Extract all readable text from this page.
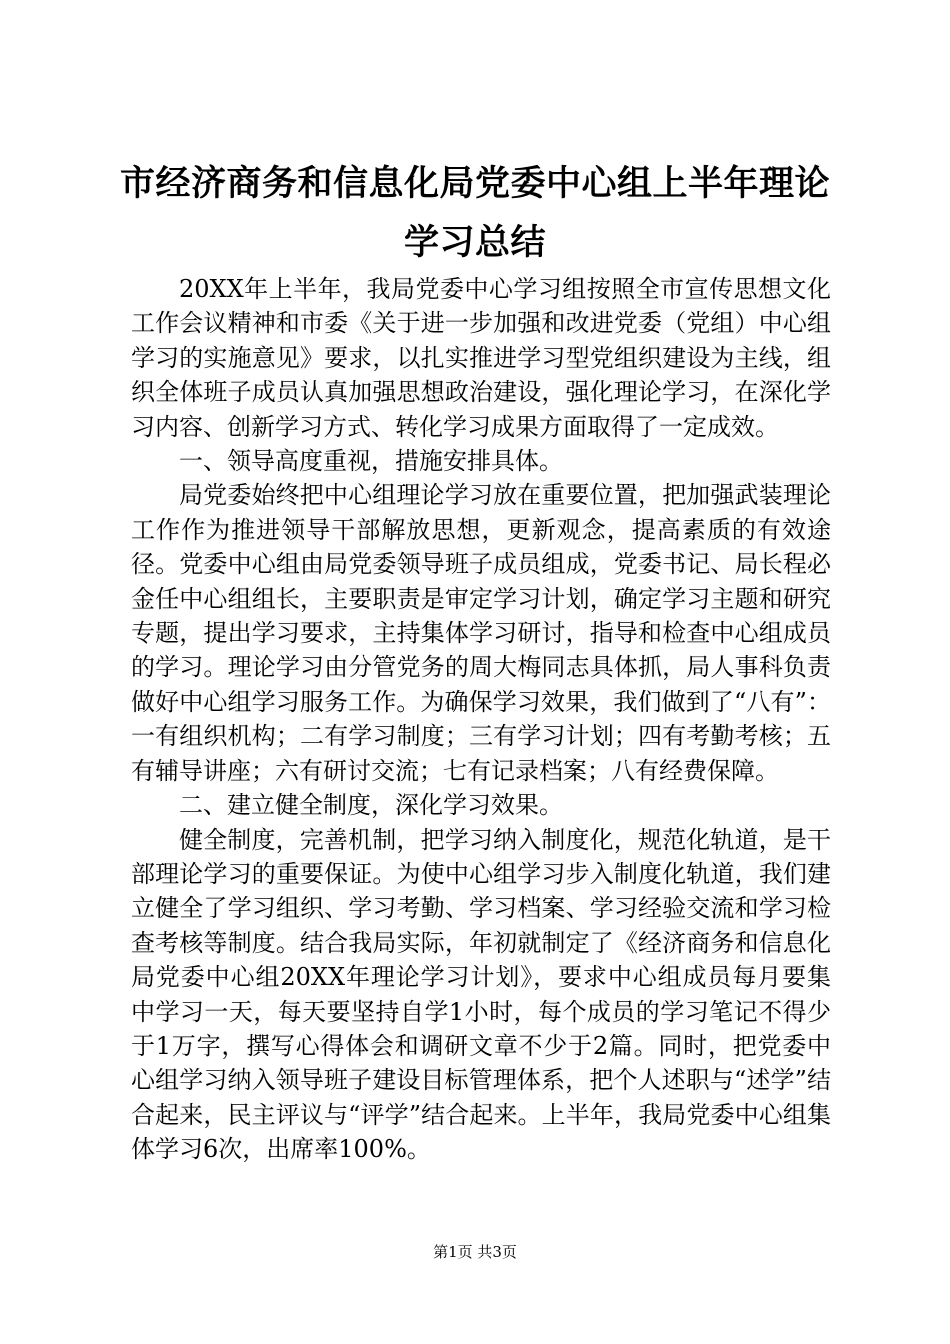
市经济商务和信息化局党委中心组上半年理论
学习总结

20XX年上半年，我局党委中心学习组按照全市宣传思想文化工作会议精神和市委《关于进一步加强和改进党委（党组）中心组学习的实施意见》要求，以扎实推进学习型党组织建设为主线，组织全体班子成员认真加强思想政治建设，强化理论学习，在深化学习内容、创新学习方式、转化学习成果方面取得了一定成效。

一、领导高度重视，措施安排具体。

局党委始终把中心组理论学习放在重要位置，把加强武装理论工作作为推进领导干部解放思想，更新观念，提高素质的有效途径。党委中心组由局党委领导班子成员组成，党委书记、局长程必金任中心组组长，主要职责是审定学习计划，确定学习主题和研究专题，提出学习要求，主持集体学习研讨，指导和检查中心组成员的学习。理论学习由分管党务的周大梅同志具体抓，局人事科负责做好中心组学习服务工作。为确保学习效果，我们做到了“八有”：一有组织机构；二有学习制度；三有学习计划；四有考勤考核；五有辅导讲座；六有研讨交流；七有记录档案；八有经费保障。

二、建立健全制度，深化学习效果。

健全制度，完善机制，把学习纳入制度化，规范化轨道，是干部理论学习的重要保证。为使中心组学习步入制度化轨道，我们建立健全了学习组织、学习考勤、学习档案、学习经验交流和学习检查考核等制度。结合我局实际，年初就制定了《经济商务和信息化局党委中心组20XX年理论学习计划》，要求中心组成员每月要集中学习一天，每天要坚持自学1小时，每个成员的学习笔记不得少于1万字，撰写心得体会和调研文章不少于2篇。同时，把党委中心组学习纳入领导班子建设目标管理体系，把个人述职与“述学”结合起来，民主评议与“评学”结合起来。上半年，我局党委中心组集体学习6次，出席率100%。

第1页 共3页
